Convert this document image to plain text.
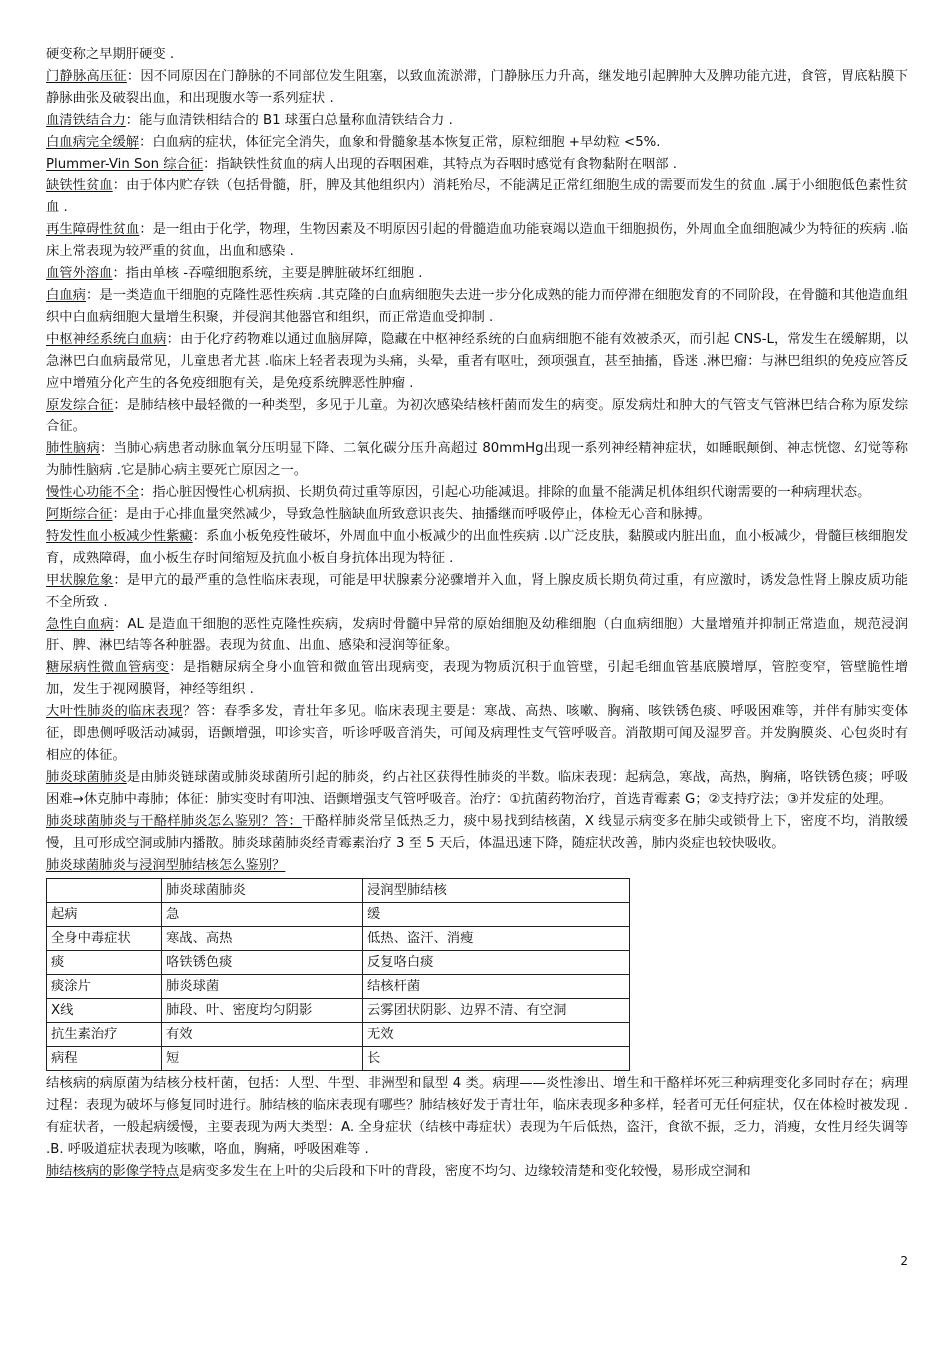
硬变称之早期肝硬变 .

门静脉高压征：因不同原因在门静脉的不同部位发生阻塞，以致血流淤滞，门静脉压力升高，继发地引起脾肿大及脾功能亢进，食管，胃底粘膜下静脉曲张及破裂出血，和出现腹水等一系列症状 .

血清铁结合力：能与血清铁相结合的 B1 球蛋白总量称血清铁结合力 .

白血病完全缓解：白血病的症状，体征完全消失，血象和骨髓象基本恢复正常，原粒细胞 +早幼粒 <5%.

Plummer-Vin Son 综合征：指缺铁性贫血的病人出现的吞咽困难，其特点为吞咽时感觉有食物黏附在咽部 .

缺铁性贫血：由于体内贮存铁（包括骨髓，肝，脾及其他组织内）消耗殆尽，不能满足正常红细胞生成的需要而发生的贫血 .属于小细胞低色素性贫血 .

再生障碍性贫血：是一组由于化学，物理，生物因素及不明原因引起的骨髓造血功能衰竭以造血干细胞损伤，外周血全血细胞减少为特征的疾病 .临床上常表现为较严重的贫血，出血和感染 .

血管外溶血：指由单核 -吞噬细胞系统，主要是脾脏破坏红细胞 .

白血病：是一类造血干细胞的克隆性恶性疾病 .其克隆的白血病细胞失去进一步分化成熟的能力而停滞在细胞发育的不同阶段，在骨髓和其他造血组织中白血病细胞大量增生积聚，并侵润其他器官和组织，而正常造血受抑制 .

中枢神经系统白血病：由于化疗药物难以通过血脑屏障，隐藏在中枢神经系统的白血病细胞不能有效被杀灭，而引起 CNS-L，常发生在缓解期，以急淋巴白血病最常见，儿童患者尤甚 .临床上轻者表现为头痛，头晕，重者有呕吐，颈项强直，甚至抽搐，昏迷 .淋巴瘤：与淋巴组织的免疫应答反应中增殖分化产生的各免疫细胞有关，是免疫系统脾恶性肿瘤 .

原发综合征：是肺结核中最轻微的一种类型，多见于儿童。为初次感染结核杆菌而发生的病变。原发病灶和肿大的气管支气管淋巴结合称为原发综合征。

肺性脑病：当肺心病患者动脉血氧分压明显下降、二氧化碳分压升高超过 80mmHg出现一系列神经精神症状，如睡眠颠倒、神志恍惚、幻觉等称为肺性脑病 .它是肺心病主要死亡原因之一。

慢性心功能不全：指心脏因慢性心机病损、长期负荷过重等原因，引起心功能减退。排除的血量不能满足机体组织代谢需要的一种病理状态。

阿斯综合征：是由于心排血量突然减少，导致急性脑缺血所致意识丧失、抽播继而呼吸停止，体检无心音和脉搏。

特发性血小板减少性紫癜：系血小板免疫性破坏，外周血中血小板减少的出血性疾病 .以广泛皮肤，黏膜或内脏出血，血小板减少，骨髓巨核细胞发育，成熟障碍，血小板生存时间缩短及抗血小板自身抗体出现为特征 .

甲状腺危象：是甲亢的最严重的急性临床表现，可能是甲状腺素分泌骤增并入血，肾上腺皮质长期负荷过重，有应激时，诱发急性肾上腺皮质功能不全所致 .

急性白血病：AL 是造血干细胞的恶性克隆性疾病，发病时骨髓中异常的原始细胞及幼稚细胞（白血病细胞）大量增殖并抑制正常造血，规范浸润肝、脾、淋巴结等各种脏器。表现为贫血、出血、感染和浸润等征象。

糖尿病性微血管病变：是指糖尿病全身小血管和微血管出现病变，表现为物质沉积于血管壁，引起毛细血管基底膜增厚，管腔变窄，管壁脆性增加，发生于视网膜肾，神经等组织 .

大叶性肺炎的临床表现？答：春季多发，青壮年多见。临床表现主要是：寒战、高热、咳嗽、胸痛、咳铁锈色痰、呼吸困难等，并伴有肺实变体征，即患侧呼吸活动减弱，语颤增强，叩诊实音，听诊呼吸音消失，可闻及病理性支气管呼吸音。消散期可闻及湿罗音。并发胸膜炎、心包炎时有相应的体征。

肺炎球菌肺炎是由肺炎链球菌或肺炎球菌所引起的肺炎，约占社区获得性肺炎的半数。临床表现：起病急，寒战，高热，胸痛，咯铁锈色痰；呼吸困难→休克肺中毒肺；体征：肺实变时有叩浊、语颤增强支气管呼吸音。治疗：①抗菌药物治疗，首选青霉素 G；②支持疗法；③并发症的处理。

肺炎球菌肺炎与干酪样肺炎怎么鉴别？答：干酪样肺炎常呈低热乏力，痰中易找到结核菌，X 线显示病变多在肺尖或锁骨上下，密度不均，消散缓慢，且可形成空洞或肺内播散。肺炎球菌肺炎经青霉素治疗 3 至 5 天后，体温迅速下降，随症状改善，肺内炎症也较快吸收。

肺炎球菌肺炎与浸润型肺结核怎么鉴别？

	肺炎球菌肺炎	浸润型肺结核
起病	急	缓
全身中毒症状	寒战、高热	低热、盗汗、消瘦
痰	咯铁锈色痰	反复咯白痰
痰涂片	肺炎球菌	结核杆菌
X线	肺段、叶、密度均匀阴影	云雾团状阴影、边界不清、有空洞
抗生素治疗	有效	无效
病程	短	长

结核病的病原菌为结核分枝杆菌，包括：人型、牛型、非洲型和鼠型 4 类。病理——炎性渗出、增生和干酪样坏死三种病理变化多同时存在；病理过程：表现为破坏与修复同时进行。肺结核的临床表现有哪些？肺结核好发于青壮年，临床表现多种多样，轻者可无任何症状，仅在体检时被发现 .有症状者，一般起病缓慢，主要表现为两大类型：A. 全身症状（结核中毒症状）表现为午后低热，盗汗，食欲不振，乏力，消瘦，女性月经失调等 .B. 呼吸道症状表现为咳嗽，咯血，胸痛，呼吸困难等 .

肺结核病的影像学特点是病变多发生在上叶的尖后段和下叶的背段，密度不均匀、边缘较清楚和变化较慢，易形成空洞和

2
